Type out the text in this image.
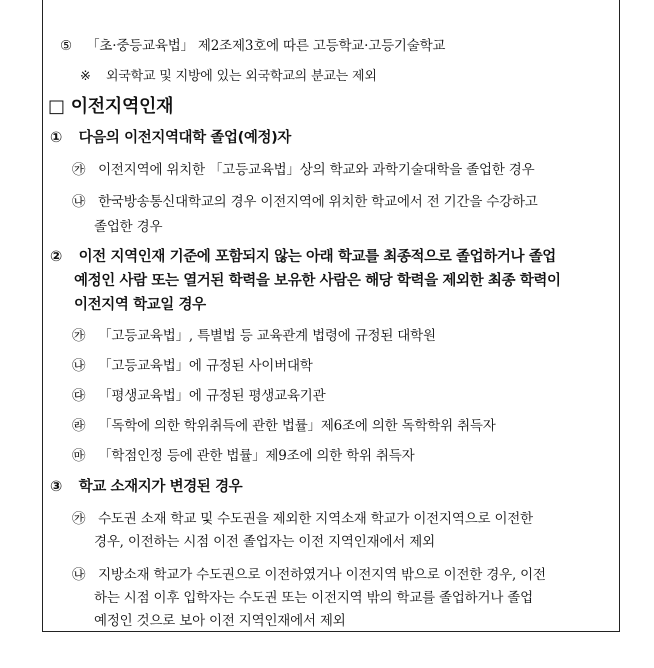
⑤ 「초·중등교육법」 제2조제3호에 따른 고등학교·고등기술학교
※ 외국학교 및 지방에 있는 외국학교의 분교는 제외
□ 이전지역인재
① 다음의 이전지역대학 졸업(예정)자
㉮ 이전지역에 위치한 「고등교육법」상의 학교와 과학기술대학을 졸업한 경우
㉯ 한국방송통신대학교의 경우 이전지역에 위치한 학교에서 전 기간을 수강하고
졸업한 경우
② 이전 지역인재 기준에 포함되지 않는 아래 학교를 최종적으로 졸업하거나 졸업
예정인 사람 또는 열거된 학력을 보유한 사람은 해당 학력을 제외한 최종 학력이
이전지역 학교일 경우
㉮ 「고등교육법」, 특별법 등 교육관계 법령에 규정된 대학원
㉯ 「고등교육법」에 규정된 사이버대학
㉰ 「평생교육법」에 규정된 평생교육기관
㉱ 「독학에 의한 학위취득에 관한 법률」제6조에 의한 독학학위 취득자
㉲ 「학점인정 등에 관한 법률」제9조에 의한 학위 취득자
③ 학교 소재지가 변경된 경우
㉮ 수도권 소재 학교 및 수도권을 제외한 지역소재 학교가 이전지역으로 이전한
경우, 이전하는 시점 이전 졸업자는 이전 지역인재에서 제외
㉯ 지방소재 학교가 수도권으로 이전하였거나 이전지역 밖으로 이전한 경우, 이전
하는 시점 이후 입학자는 수도권 또는 이전지역 밖의 학교를 졸업하거나 졸업
예정인 것으로 보아 이전 지역인재에서 제외
